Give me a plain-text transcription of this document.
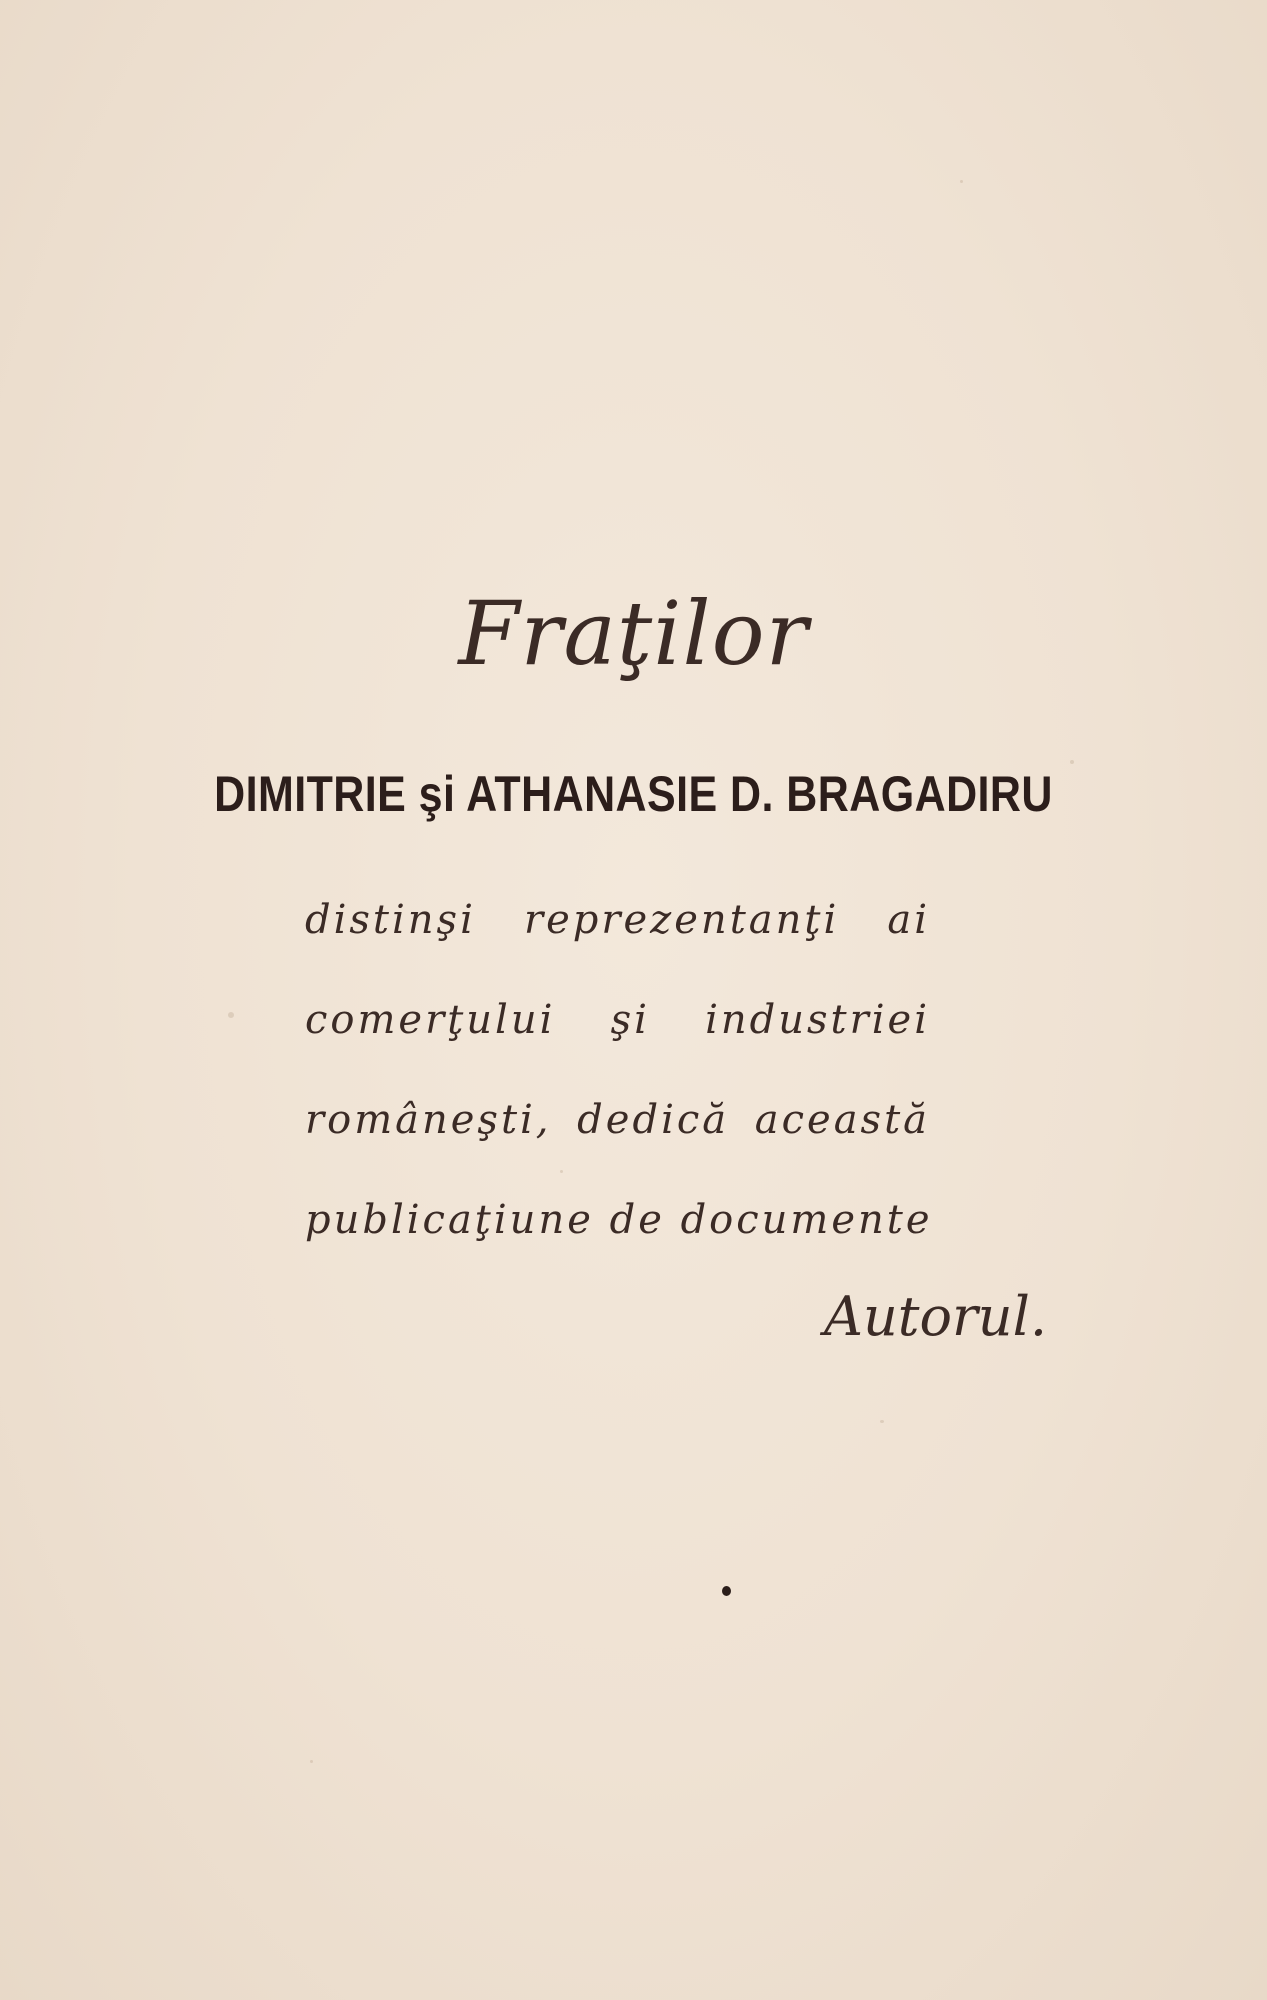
Fraţilor
DIMITRIE şi ATHANASIE D. BRAGADIRU
distinşi reprezentanţi ai
comerţului şi industriei
româneşti, dedică această
publicaţiune de documente
Autorul.
